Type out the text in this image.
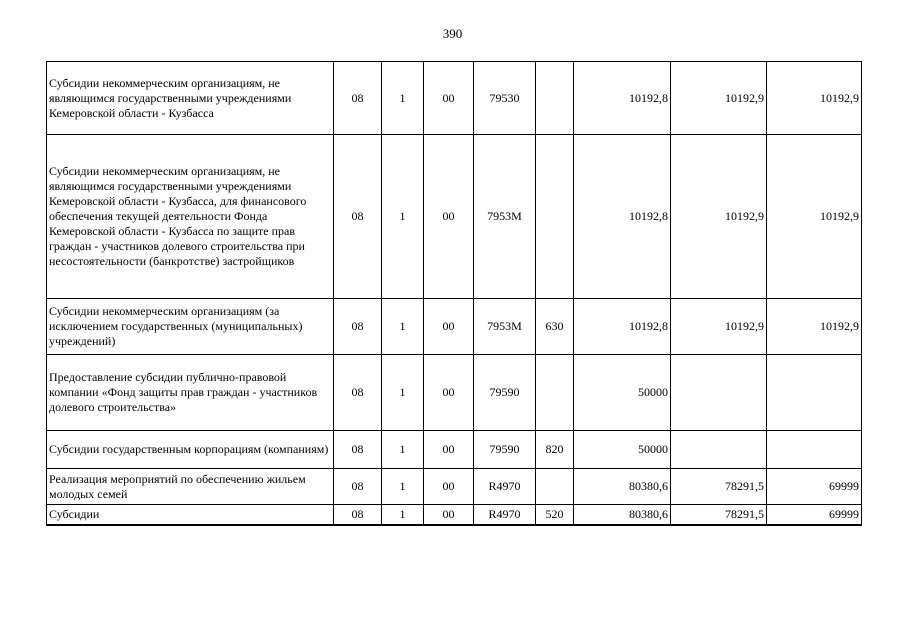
390
Субсидии некоммерческим организациям, не являющимся государственными учреждениями Кемеровской области - Кузбасса	08	1	00	79530		10192,8	10192,9	10192,9
Субсидии некоммерческим организациям, не являющимся государственными учреждениями Кемеровской области - Кузбасса, для финансового обеспечения текущей деятельности Фонда Кемеровской области - Кузбасса по защите прав граждан - участников долевого строительства при несостоятельности (банкротстве) застройщиков	08	1	00	7953М		10192,8	10192,9	10192,9
Субсидии некоммерческим организациям (за исключением государственных (муниципальных) учреждений)	08	1	00	7953М	630	10192,8	10192,9	10192,9
Предоставление субсидии публично-правовой компании «Фонд защиты прав граждан - участников долевого строительства»	08	1	00	79590		50000		
Субсидии государственным корпорациям (компаниям)	08	1	00	79590	820	50000		
Реализация мероприятий по обеспечению жильем молодых семей	08	1	00	R4970		80380,6	78291,5	69999
Субсидии	08	1	00	R4970	520	80380,6	78291,5	69999
